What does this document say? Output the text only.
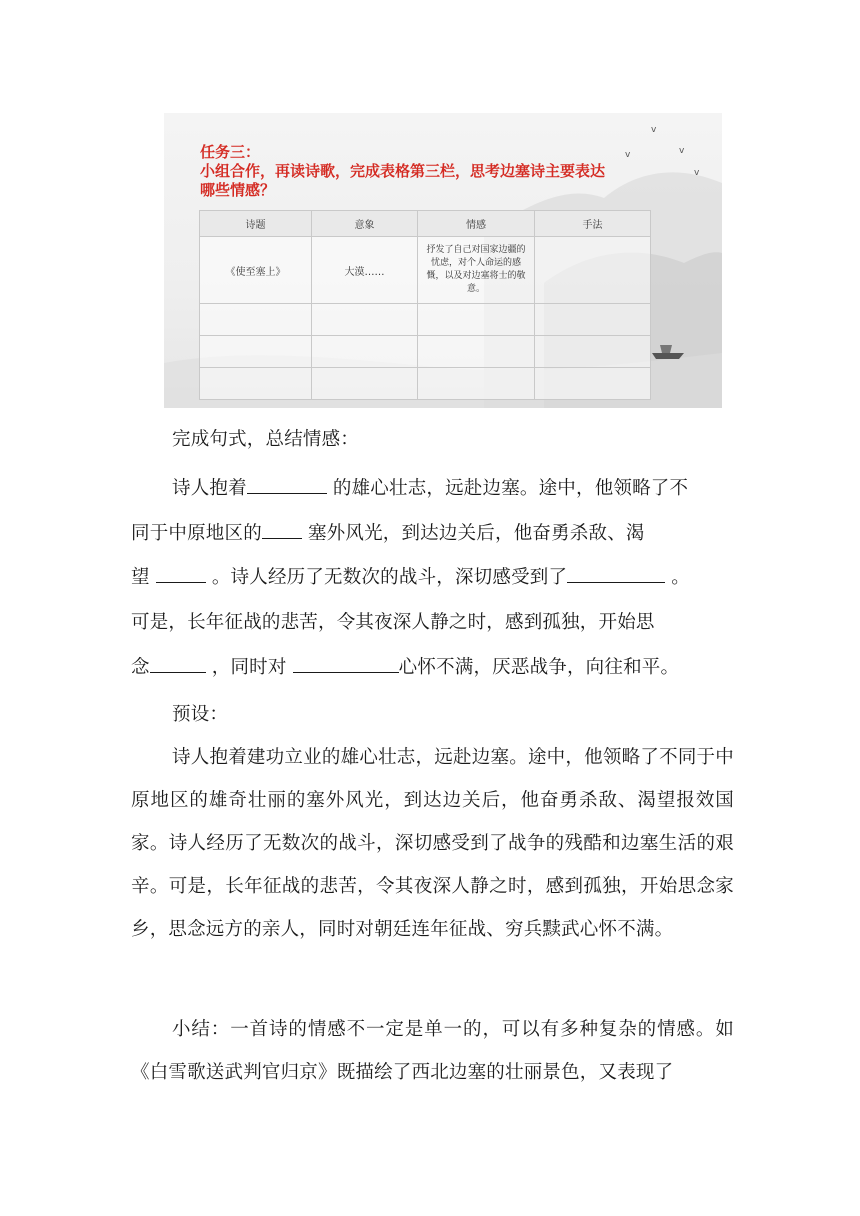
v
v	v
v
任务三：
小组合作，再读诗歌，完成表格第三栏，思考边塞诗主要表达
哪些情感？
诗题	意象	情感	手法
《使至塞上》	大漠……	抒发了自己对国家边疆的忧虑，对个人命运的感慨，以及对边塞将士的敬意。	

完成句式，总结情感：
诗人抱着	的雄心壮志，远赴边塞。途中，他领略了不
同于中原地区的 塞外风光，到达边关后，他奋勇杀敌、渴
望	。诗人经历了无数次的战斗，深切感受到了	。
可是，长年征战的悲苦，令其夜深人静之时，感到孤独，开始思
念	，同时对	心怀不满，厌恶战争，向往和平。
预设：
诗人抱着建功立业的雄心壮志，远赴边塞。途中，他领略了不同于中原地区的雄奇壮丽的塞外风光，到达边关后，他奋勇杀敌、渴望报效国家。诗人经历了无数次的战斗，深切感受到了战争的残酷和边塞生活的艰辛。可是，长年征战的悲苦，令其夜深人静之时，感到孤独，开始思念家乡，思念远方的亲人，同时对朝廷连年征战、穷兵黩武心怀不满。
小结：一首诗的情感不一定是单一的，可以有多种复杂的情感。如《白雪歌送武判官归京》既描绘了西北边塞的壮丽景色，又表现了
